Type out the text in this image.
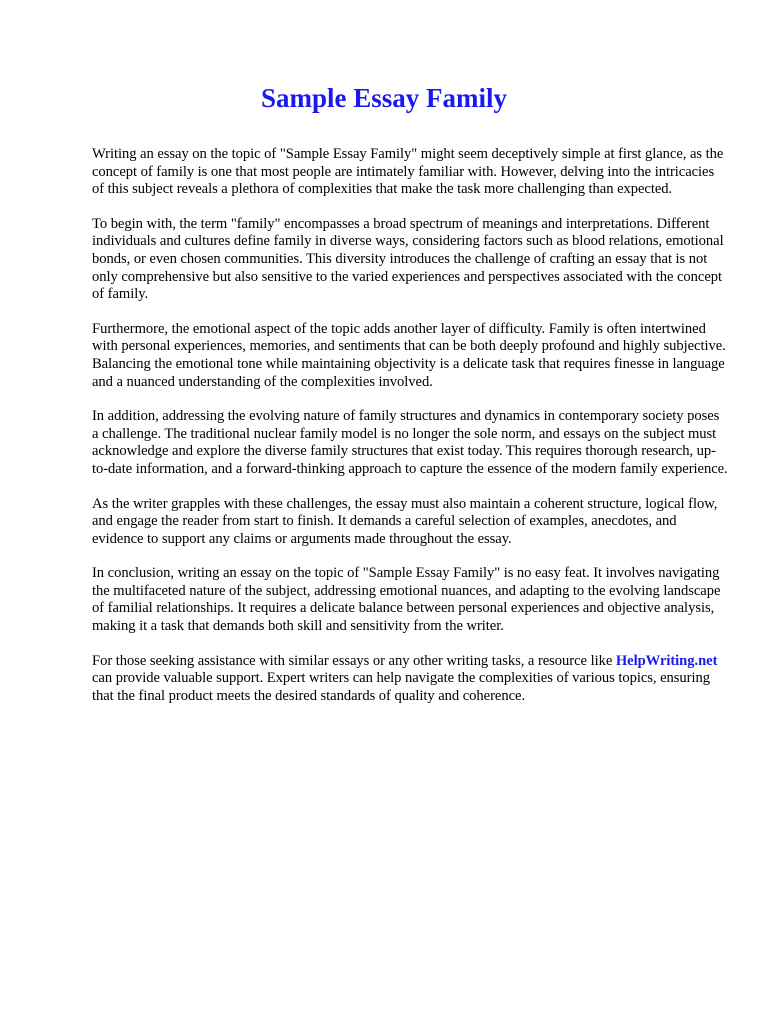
Sample Essay Family

Writing an essay on the topic of "Sample Essay Family" might seem deceptively simple at first glance, as the concept of family is one that most people are intimately familiar with. However, delving into the intricacies of this subject reveals a plethora of complexities that make the task more challenging than expected.

To begin with, the term "family" encompasses a broad spectrum of meanings and interpretations. Different individuals and cultures define family in diverse ways, considering factors such as blood relations, emotional bonds, or even chosen communities. This diversity introduces the challenge of crafting an essay that is not only comprehensive but also sensitive to the varied experiences and perspectives associated with the concept of family.

Furthermore, the emotional aspect of the topic adds another layer of difficulty. Family is often intertwined with personal experiences, memories, and sentiments that can be both deeply profound and highly subjective. Balancing the emotional tone while maintaining objectivity is a delicate task that requires finesse in language and a nuanced understanding of the complexities involved.

In addition, addressing the evolving nature of family structures and dynamics in contemporary society poses a challenge. The traditional nuclear family model is no longer the sole norm, and essays on the subject must acknowledge and explore the diverse family structures that exist today. This requires thorough research, up-to-date information, and a forward-thinking approach to capture the essence of the modern family experience.

As the writer grapples with these challenges, the essay must also maintain a coherent structure, logical flow, and engage the reader from start to finish. It demands a careful selection of examples, anecdotes, and evidence to support any claims or arguments made throughout the essay.

In conclusion, writing an essay on the topic of "Sample Essay Family" is no easy feat. It involves navigating the multifaceted nature of the subject, addressing emotional nuances, and adapting to the evolving landscape of familial relationships. It requires a delicate balance between personal experiences and objective analysis, making it a task that demands both skill and sensitivity from the writer.

For those seeking assistance with similar essays or any other writing tasks, a resource like HelpWriting.net can provide valuable support. Expert writers can help navigate the complexities of various topics, ensuring that the final product meets the desired standards of quality and coherence.
